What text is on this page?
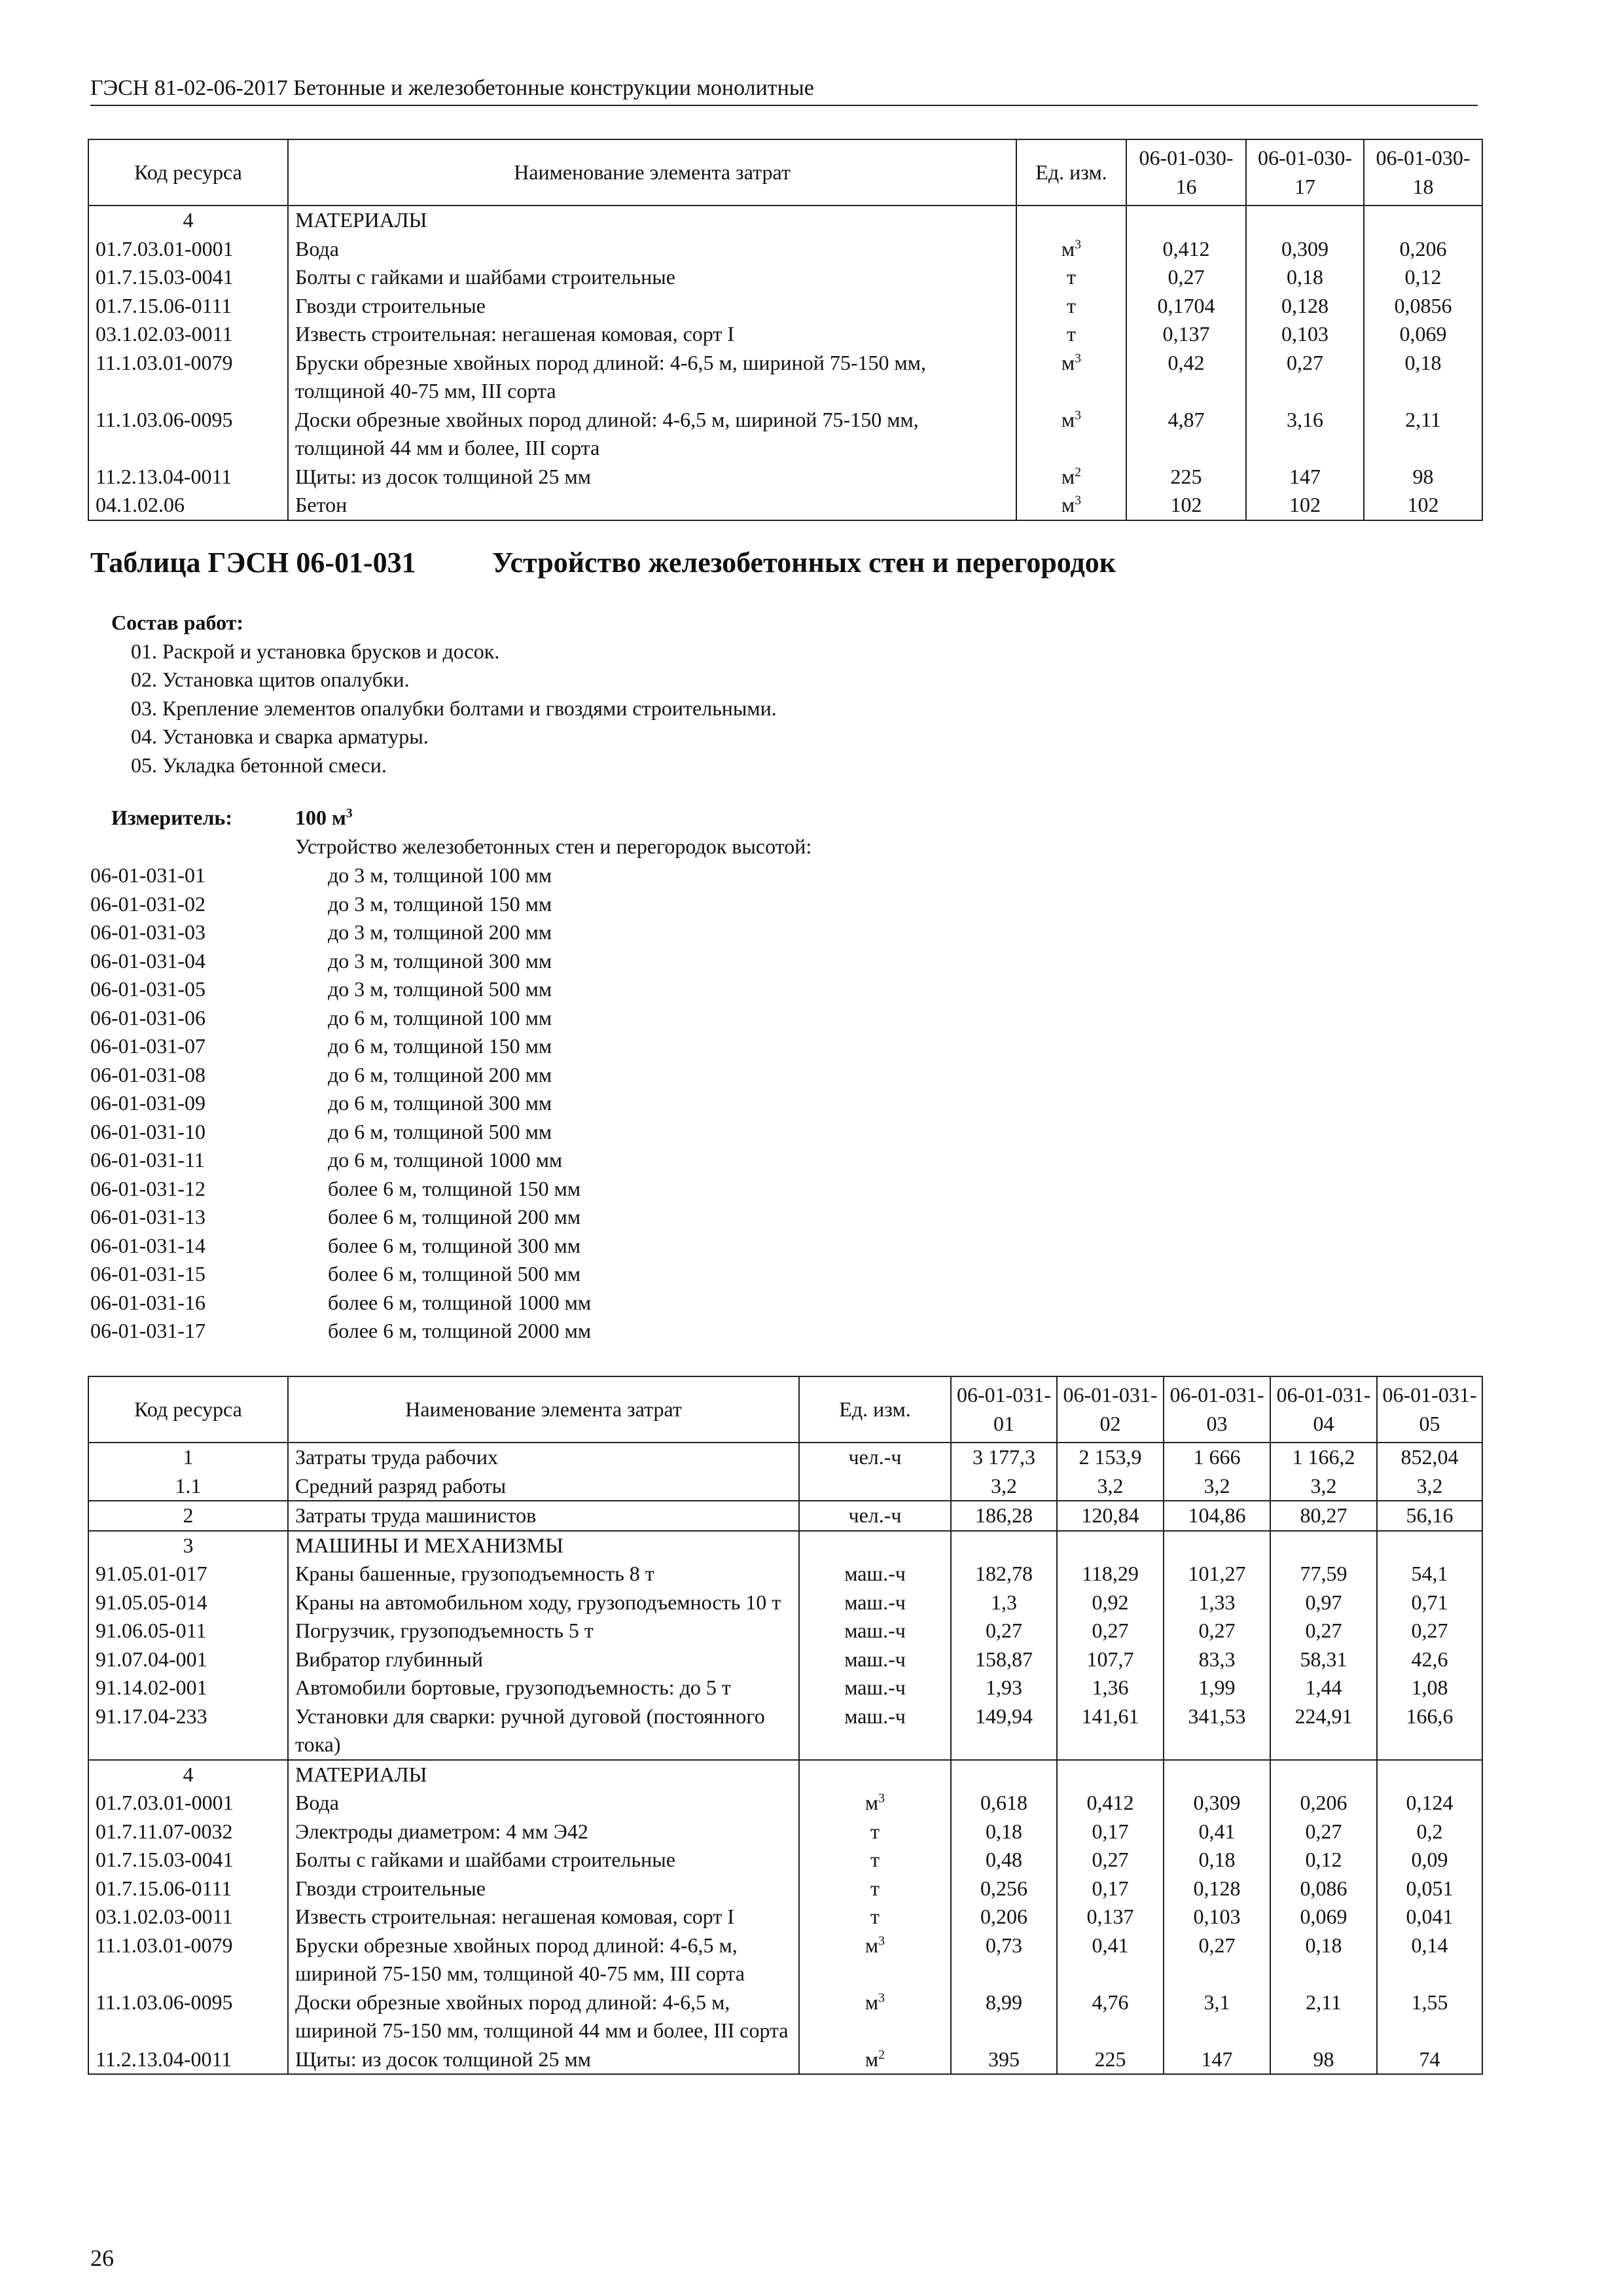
ГЭСН 81-02-06-2017 Бетонные и железобетонные конструкции монолитные
Код ресурса	Наименование элемента затрат	Ед. изм.	06-01-030-16	06-01-030-17	06-01-030-18
4	МАТЕРИАЛЫ				
01.7.03.01-0001	Вода	$м^3$	0,412	0,309	0,206
01.7.15.03-0041	Болты с гайками и шайбами строительные	т	0,27	0,18	0,12
01.7.15.06-0111	Гвозди строительные	т	0,1704	0,128	0,0856
03.1.02.03-0011	Известь строительная: негашеная комовая, сорт I	т	0,137	0,103	0,069
11.1.03.01-0079	Бруски обрезные хвойных пород длиной: 4-6,5 м, шириной 75-150 мм, толщиной 40-75 мм, III сорта	$м^3$	0,42	0,27	0,18
11.1.03.06-0095	Доски обрезные хвойных пород длиной: 4-6,5 м, шириной 75-150 мм, толщиной 44 мм и более, III сорта	$м^3$	4,87	3,16	2,11
11.2.13.04-0011	Щиты: из досок толщиной 25 мм	$м^2$	225	147	98
04.1.02.06	Бетон	$м^3$	102	102	102
Таблица ГЭСН 06-01-031	Устройство железобетонных стен и перегородок
Состав работ:
01. Раскрой и установка брусков и досок.
02. Установка щитов опалубки.
03. Крепление элементов опалубки болтами и гвоздями строительными.
04. Установка и сварка арматуры.
05. Укладка бетонной смеси.
Измеритель:	100 $м^3$
Устройство железобетонных стен и перегородок высотой:
06-01-031-01	до 3 м, толщиной 100 мм
06-01-031-02	до 3 м, толщиной 150 мм
06-01-031-03	до 3 м, толщиной 200 мм
06-01-031-04	до 3 м, толщиной 300 мм
06-01-031-05	до 3 м, толщиной 500 мм
06-01-031-06	до 6 м, толщиной 100 мм
06-01-031-07	до 6 м, толщиной 150 мм
06-01-031-08	до 6 м, толщиной 200 мм
06-01-031-09	до 6 м, толщиной 300 мм
06-01-031-10	до 6 м, толщиной 500 мм
06-01-031-11	до 6 м, толщиной 1000 мм
06-01-031-12	более 6 м, толщиной 150 мм
06-01-031-13	более 6 м, толщиной 200 мм
06-01-031-14	более 6 м, толщиной 300 мм
06-01-031-15	более 6 м, толщиной 500 мм
06-01-031-16	более 6 м, толщиной 1000 мм
06-01-031-17	более 6 м, толщиной 2000 мм
Код ресурса	Наименование элемента затрат	Ед. изм.	06-01-031-01	06-01-031-02	06-01-031-03	06-01-031-04	06-01-031-05
1	Затраты труда рабочих	чел.-ч	3 177,3	2 153,9	1 666	1 166,2	852,04
1.1	Средний разряд работы		3,2	3,2	3,2	3,2	3,2
2	Затраты труда машинистов	чел.-ч	186,28	120,84	104,86	80,27	56,16
3	МАШИНЫ И МЕХАНИЗМЫ						
91.05.01-017	Краны башенные, грузоподъемность 8 т	маш.-ч	182,78	118,29	101,27	77,59	54,1
91.05.05-014	Краны на автомобильном ходу, грузоподъемность 10 т	маш.-ч	1,3	0,92	1,33	0,97	0,71
91.06.05-011	Погрузчик, грузоподъемность 5 т	маш.-ч	0,27	0,27	0,27	0,27	0,27
91.07.04-001	Вибратор глубинный	маш.-ч	158,87	107,7	83,3	58,31	42,6
91.14.02-001	Автомобили бортовые, грузоподъемность: до 5 т	маш.-ч	1,93	1,36	1,99	1,44	1,08
91.17.04-233	Установки для сварки: ручной дуговой (постоянного тока)	маш.-ч	149,94	141,61	341,53	224,91	166,6
4	МАТЕРИАЛЫ						
01.7.03.01-0001	Вода	$м^3$	0,618	0,412	0,309	0,206	0,124
01.7.11.07-0032	Электроды диаметром: 4 мм Э42	т	0,18	0,17	0,41	0,27	0,2
01.7.15.03-0041	Болты с гайками и шайбами строительные	т	0,48	0,27	0,18	0,12	0,09
01.7.15.06-0111	Гвозди строительные	т	0,256	0,17	0,128	0,086	0,051
03.1.02.03-0011	Известь строительная: негашеная комовая, сорт I	т	0,206	0,137	0,103	0,069	0,041
11.1.03.01-0079	Бруски обрезные хвойных пород длиной: 4-6,5 м, шириной 75-150 мм, толщиной 40-75 мм, III сорта	$м^3$	0,73	0,41	0,27	0,18	0,14
11.1.03.06-0095	Доски обрезные хвойных пород длиной: 4-6,5 м, шириной 75-150 мм, толщиной 44 мм и более, III сорта	$м^3$	8,99	4,76	3,1	2,11	1,55
11.2.13.04-0011	Щиты: из досок толщиной 25 мм	$м^2$	395	225	147	98	74
26
